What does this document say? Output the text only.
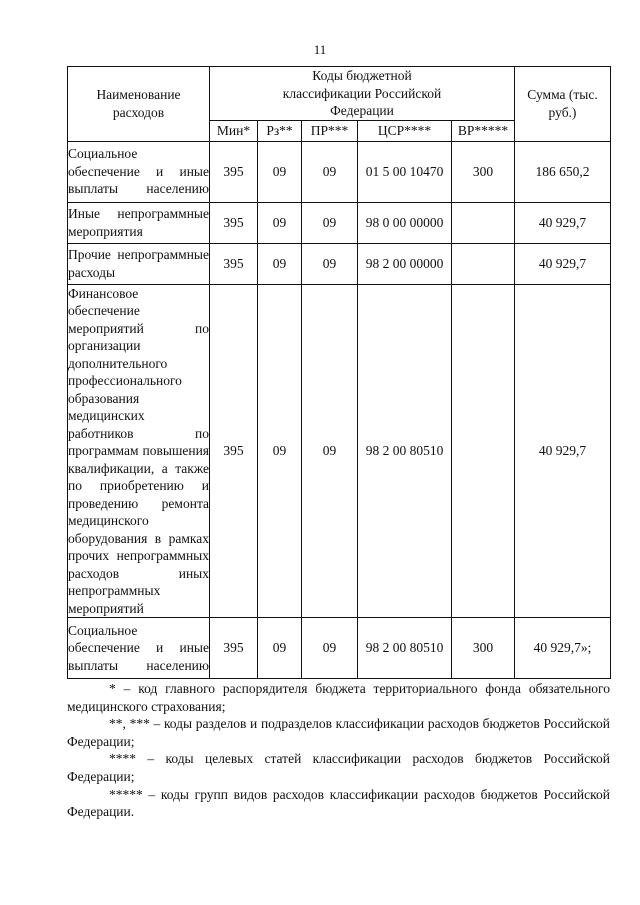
11
Наименование расходов	Коды бюджетной классификации Российской Федерации					Сумма (тыс. руб.)
	Мин*	Рз**	ПР***	ЦСР****	ВР*****	
Социальное обеспечение и иные выплаты населению	395	09	09	01 5 00 10470	300	186 650,2
Иные непрограммные мероприятия	395	09	09	98 0 00 00000		40 929,7
Прочие непрограммные расходы	395	09	09	98 2 00 00000		40 929,7
Финансовое обеспечение мероприятий по организации дополнительного профессионального образования медицинских работников по программам повышения квалификации, а также по приобретению и проведению ремонта медицинского оборудования в рамках прочих непрограммных расходов иных непрограммных мероприятий	395	09	09	98 2 00 80510		40 929,7
Социальное обеспечение и иные выплаты населению	395	09	09	98 2 00 80510	300	40 929,7»;

* – код главного распорядителя бюджета территориального фонда обязательного медицинского страхования;

**, *** – коды разделов и подразделов классификации расходов бюджетов Российской Федерации;

**** – коды целевых статей классификации расходов бюджетов Российской Федерации;

***** – коды групп видов расходов классификации расходов бюджетов Российской Федерации.
